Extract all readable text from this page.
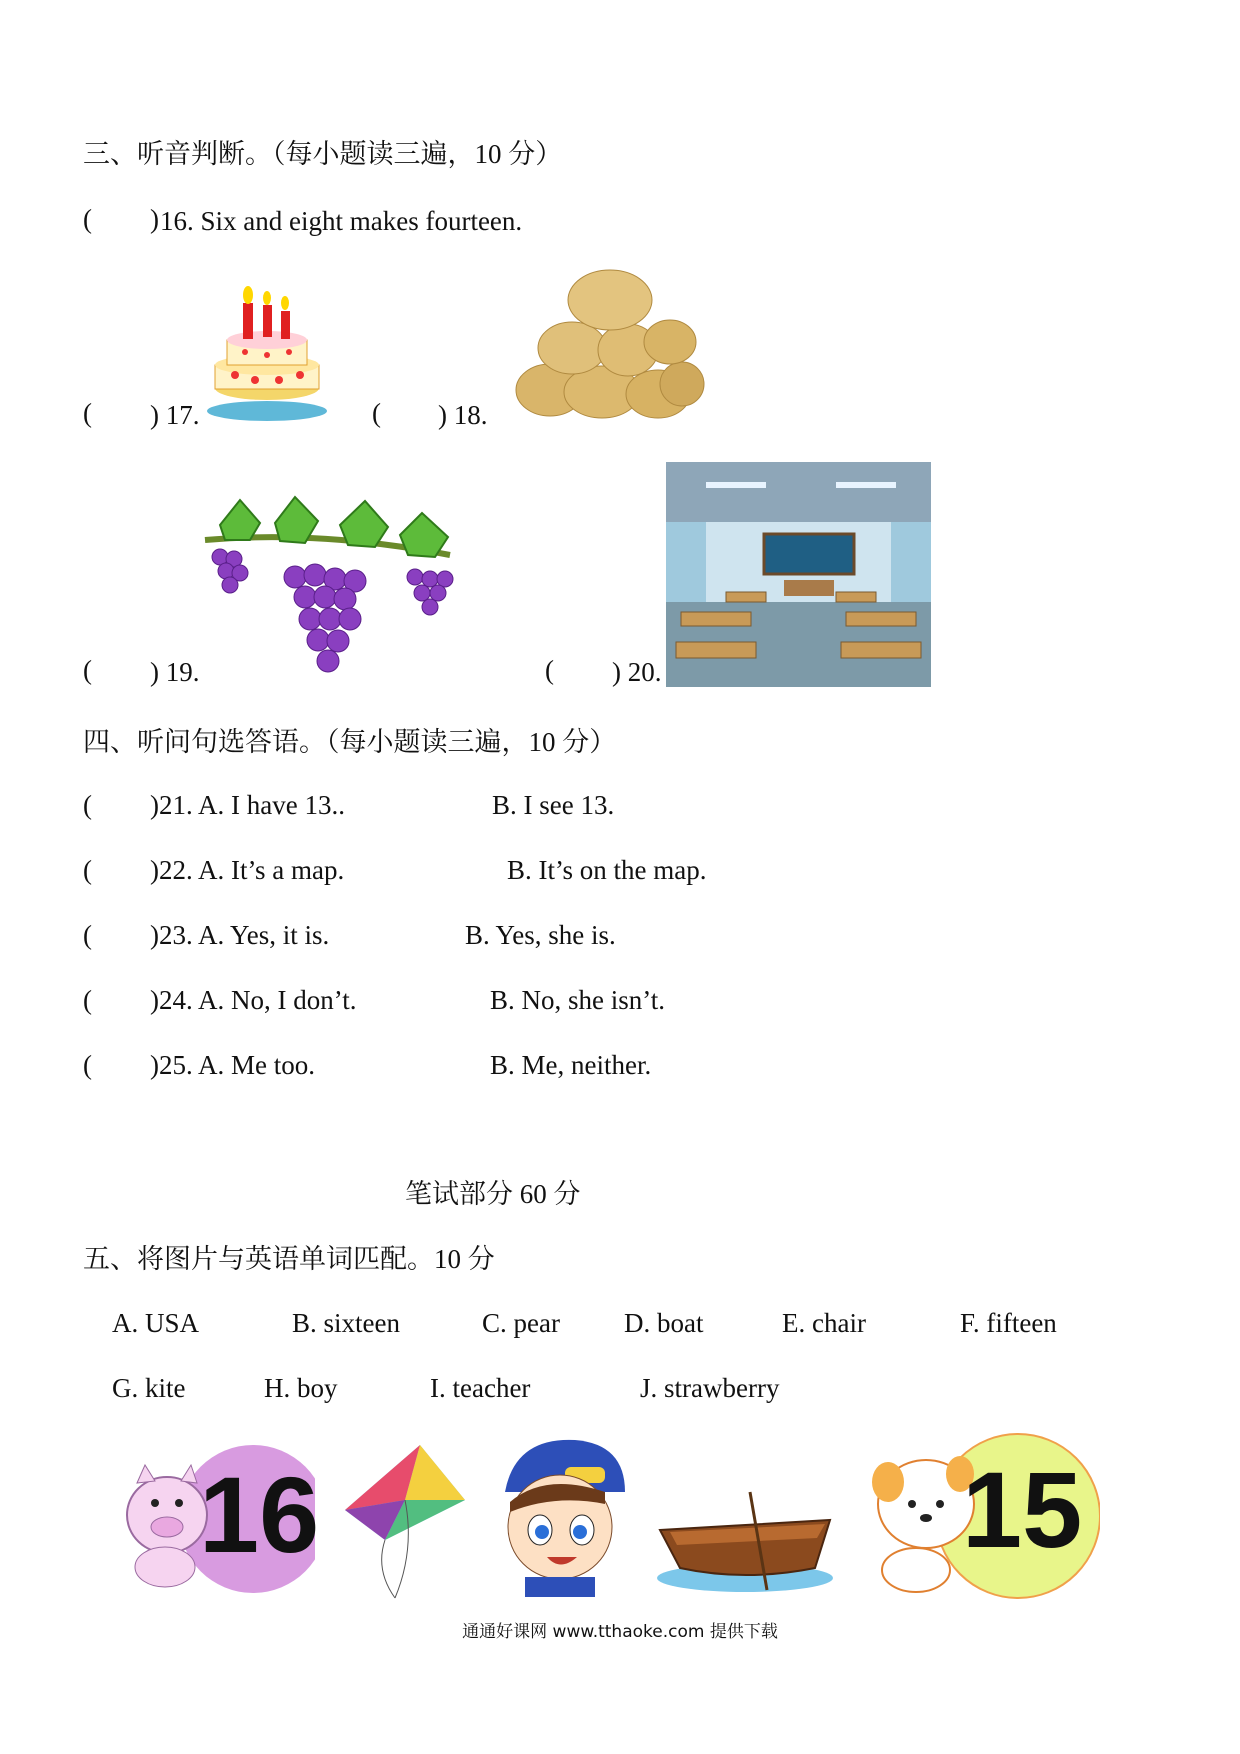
三、听音判断。（每小题读三遍，10 分）
( ) 16. Six and eight makes fourteen.
( ) 17.	( ) 18.
( ) 19.	( ) 20.
四、听问句选答语。（每小题读三遍，10 分）
( )21. A. I have 13..	B. I see 13.
( )22. A. It’s a map.	B. It’s on the map.
( )23. A. Yes, it is.	B. Yes, she is.
( )24. A. No, I don’t.	B. No, she isn’t.
( )25. A. Me too.	B. Me, neither.
笔试部分 60 分
五、将图片与英语单词匹配。10 分
A. USA	B. sixteen	C. pear D. boat	E. chair	F. fifteen
G. kite	H. boy	I. teacher	J. strawberry
16	15
通通好课网 www.tthaoke.com 提供下载
